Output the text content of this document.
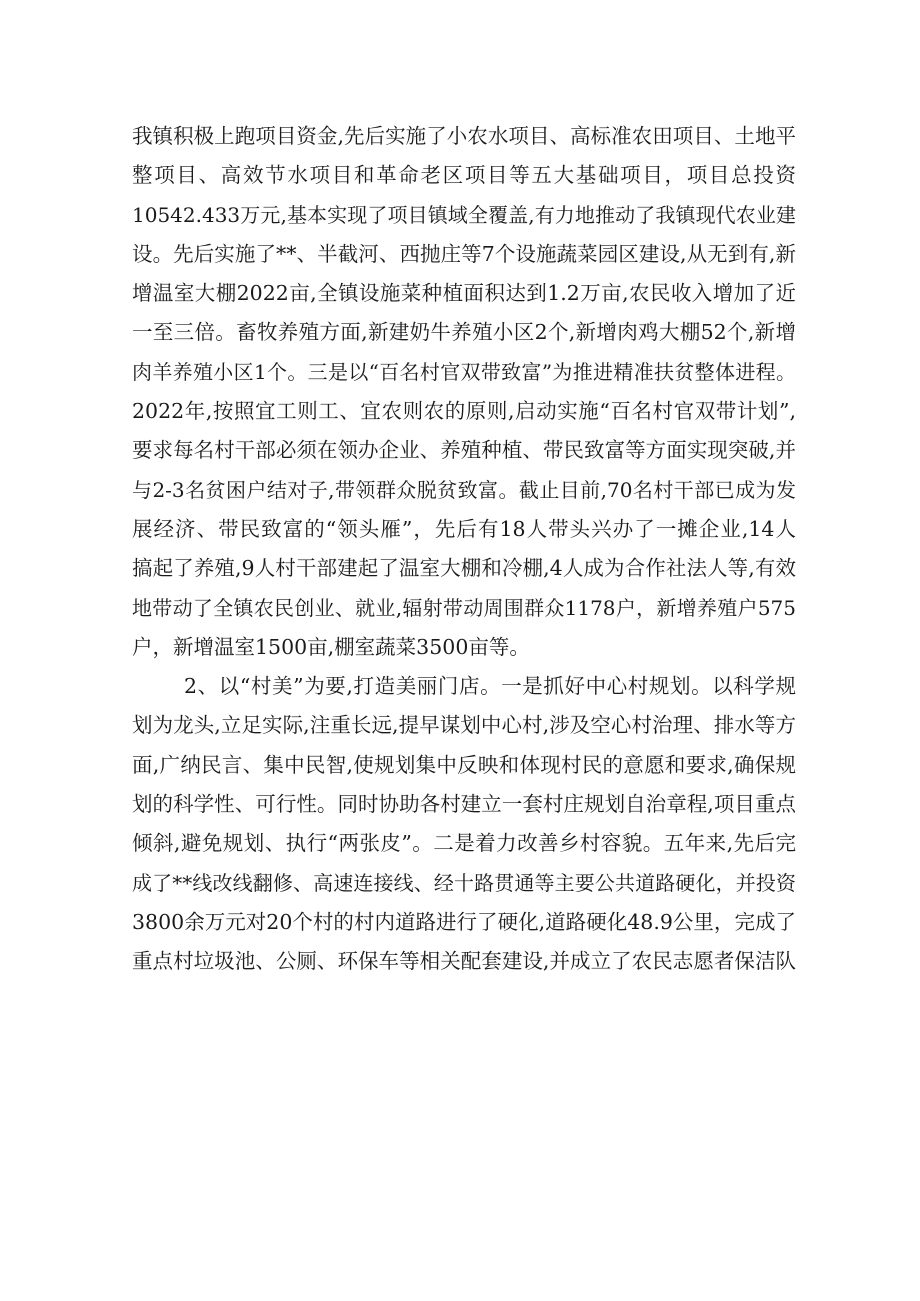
我镇积极上跑项目资金,先后实施了小农水项目、高标准农田项目、土地平
整项目、高效节水项目和革命老区项目等五大基础项目，项目总投资
10542.433万元,基本实现了项目镇域全覆盖,有力地推动了我镇现代农业建
设。先后实施了**、半截河、西抛庄等7个设施蔬菜园区建设,从无到有,新
增温室大棚2022亩,全镇设施菜种植面积达到1.2万亩,农民收入增加了近
一至三倍。畜牧养殖方面,新建奶牛养殖小区2个,新增肉鸡大棚52个,新增
肉羊养殖小区1个。三是以“百名村官双带致富”为推进精准扶贫整体进程。
2022年,按照宜工则工、宜农则农的原则,启动实施“百名村官双带计划”,
要求每名村干部必须在领办企业、养殖种植、带民致富等方面实现突破,并
与2-3名贫困户结对子,带领群众脱贫致富。截止目前,70名村干部已成为发
展经济、带民致富的“领头雁”，先后有18人带头兴办了一摊企业,14人
搞起了养殖,9人村干部建起了温室大棚和冷棚,4人成为合作社法人等,有效
地带动了全镇农民创业、就业,辐射带动周围群众1178户，新增养殖户575
户，新增温室1500亩,棚室蔬菜3500亩等。
2、以“村美”为要,打造美丽门店。一是抓好中心村规划。以科学规
划为龙头,立足实际,注重长远,提早谋划中心村,涉及空心村治理、排水等方
面,广纳民言、集中民智,使规划集中反映和体现村民的意愿和要求,确保规
划的科学性、可行性。同时协助各村建立一套村庄规划自治章程,项目重点
倾斜,避免规划、执行“两张皮”。二是着力改善乡村容貌。五年来,先后完
成了**线改线翻修、高速连接线、经十路贯通等主要公共道路硬化，并投资
3800余万元对20个村的村内道路进行了硬化,道路硬化48.9公里，完成了
重点村垃圾池、公厕、环保车等相关配套建设,并成立了农民志愿者保洁队
